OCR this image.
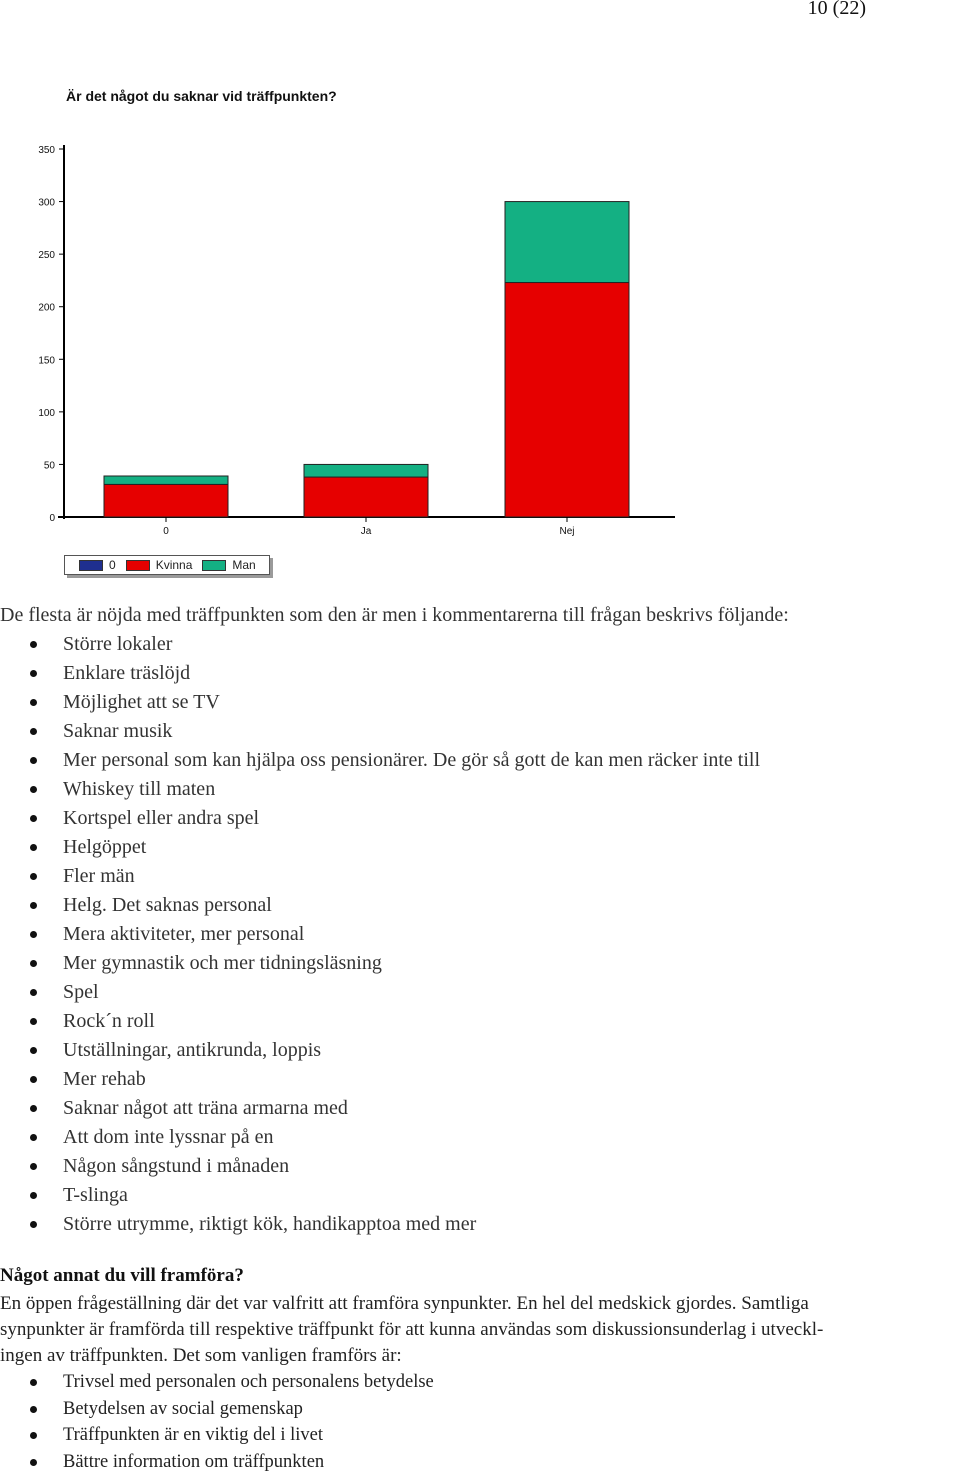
10 (22)
Är det något du saknar vid träffpunkten?
0
50
100
150
200
250
300
350
0	Ja	Nej
0	Kvinna	Man
De flesta är nöjda med träffpunkten som den är men i kommentarerna till frågan beskrivs följande:
Större lokaler
Enklare träslöjd
Möjlighet att se TV
Saknar musik
Mer personal som kan hjälpa oss pensionärer. De gör så gott de kan men räcker inte till
Whiskey till maten
Kortspel eller andra spel
Helgöppet
Fler män
Helg. Det saknas personal
Mera aktiviteter, mer personal
Mer gymnastik och mer tidningsläsning
Spel
Rock´n roll
Utställningar, antikrunda, loppis
Mer rehab
Saknar något att träna armarna med
Att dom inte lyssnar på en
Någon sångstund i månaden
T-slinga
Större utrymme, riktigt kök, handikapptoa med mer
Något annat du vill framföra?
En öppen frågeställning där det var valfritt att framföra synpunkter. En hel del medskick gjordes. Samtliga
synpunkter är framförda till respektive träffpunkt för att kunna användas som diskussionsunderlag i utveckl-
ingen av träffpunkten. Det som vanligen framförs är:
Trivsel med personalen och personalens betydelse
Betydelsen av social gemenskap
Träffpunkten är en viktig del i livet
Bättre information om träffpunkten
